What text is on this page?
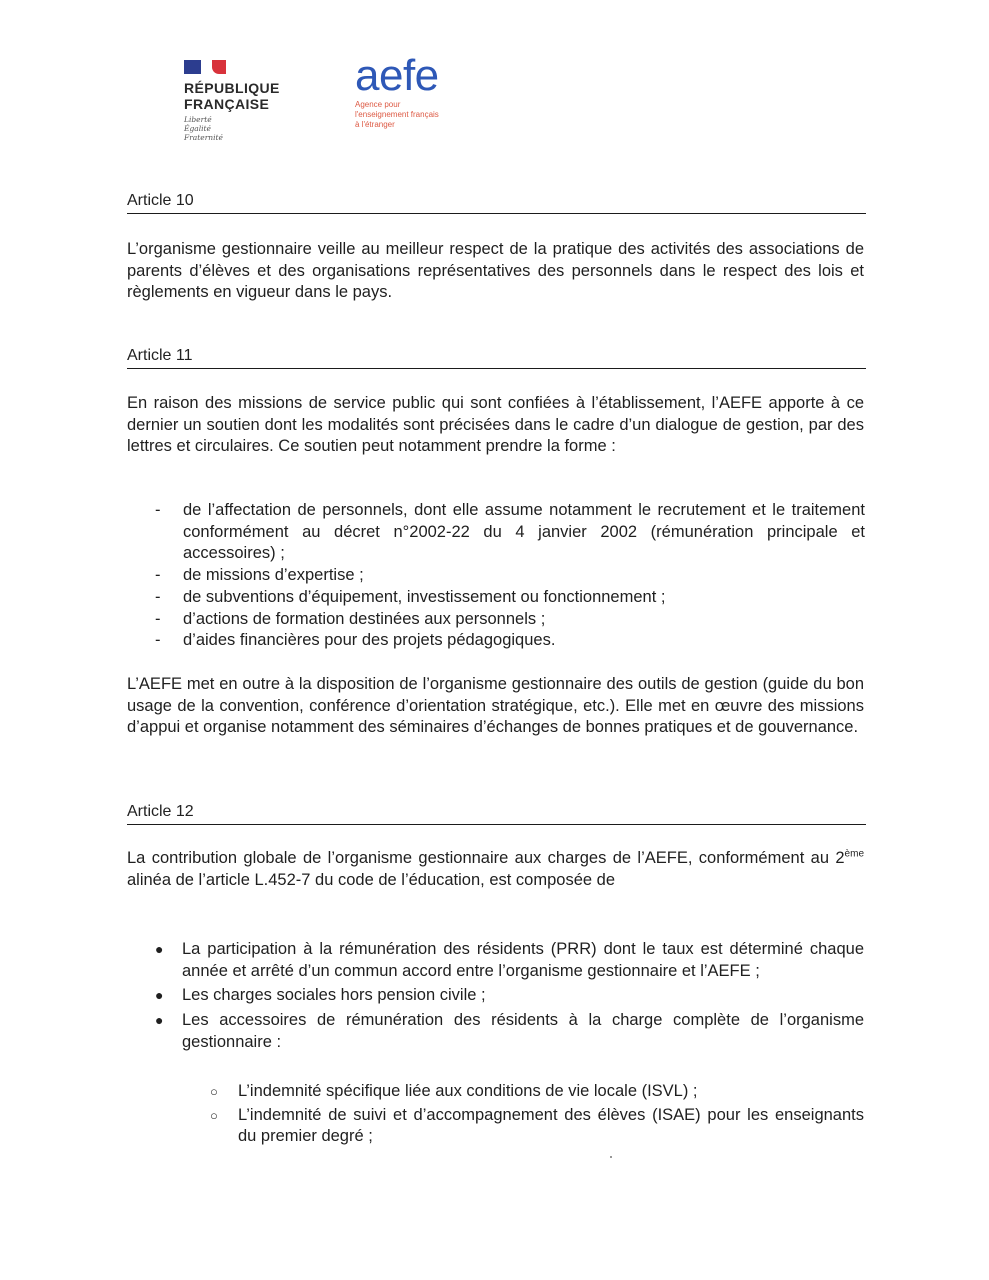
RÉPUBLIQUE
FRANÇAISE
Liberté
Égalité
Fraternité
aefe
Agence pour
l'enseignement français
à l'étranger
Article 10
L’organisme gestionnaire veille au meilleur respect de la pratique des activités des associations de parents d’élèves et des organisations représentatives des personnels dans le respect des lois et règlements en vigueur dans le pays.
Article 11
En raison des missions de service public qui sont confiées à l’établissement, l’AEFE apporte à ce dernier un soutien dont les modalités sont précisées dans le cadre d’un dialogue de gestion, par des lettres et circulaires. Ce soutien peut notamment prendre la forme :
- de l’affectation de personnels, dont elle assume notamment le recrutement et le traitement conformément au décret n°2002-22 du 4 janvier 2002 (rémunération principale et accessoires) ;
- de missions d’expertise ;
- de subventions d’équipement, investissement ou fonctionnement ;
- d’actions de formation destinées aux personnels ;
- d’aides financières pour des projets pédagogiques.
L’AEFE met en outre à la disposition de l’organisme gestionnaire des outils de gestion (guide du bon usage de la convention, conférence d’orientation stratégique, etc.). Elle met en œuvre des missions d’appui et organise notamment des séminaires d’échanges de bonnes pratiques et de gouvernance.
Article 12
La contribution globale de l’organisme gestionnaire aux charges de l’AEFE, conformément au 2ème alinéa de l’article L.452-7 du code de l’éducation, est composée de
● La participation à la rémunération des résidents (PRR) dont le taux est déterminé chaque année et arrêté d’un commun accord entre l’organisme gestionnaire et l’AEFE ;
● Les charges sociales hors pension civile ;
● Les accessoires de rémunération des résidents à la charge complète de l’organisme gestionnaire :
○ L’indemnité spécifique liée aux conditions de vie locale (ISVL) ;
○ L’indemnité de suivi et d’accompagnement des élèves (ISAE) pour les enseignants du premier degré ;
